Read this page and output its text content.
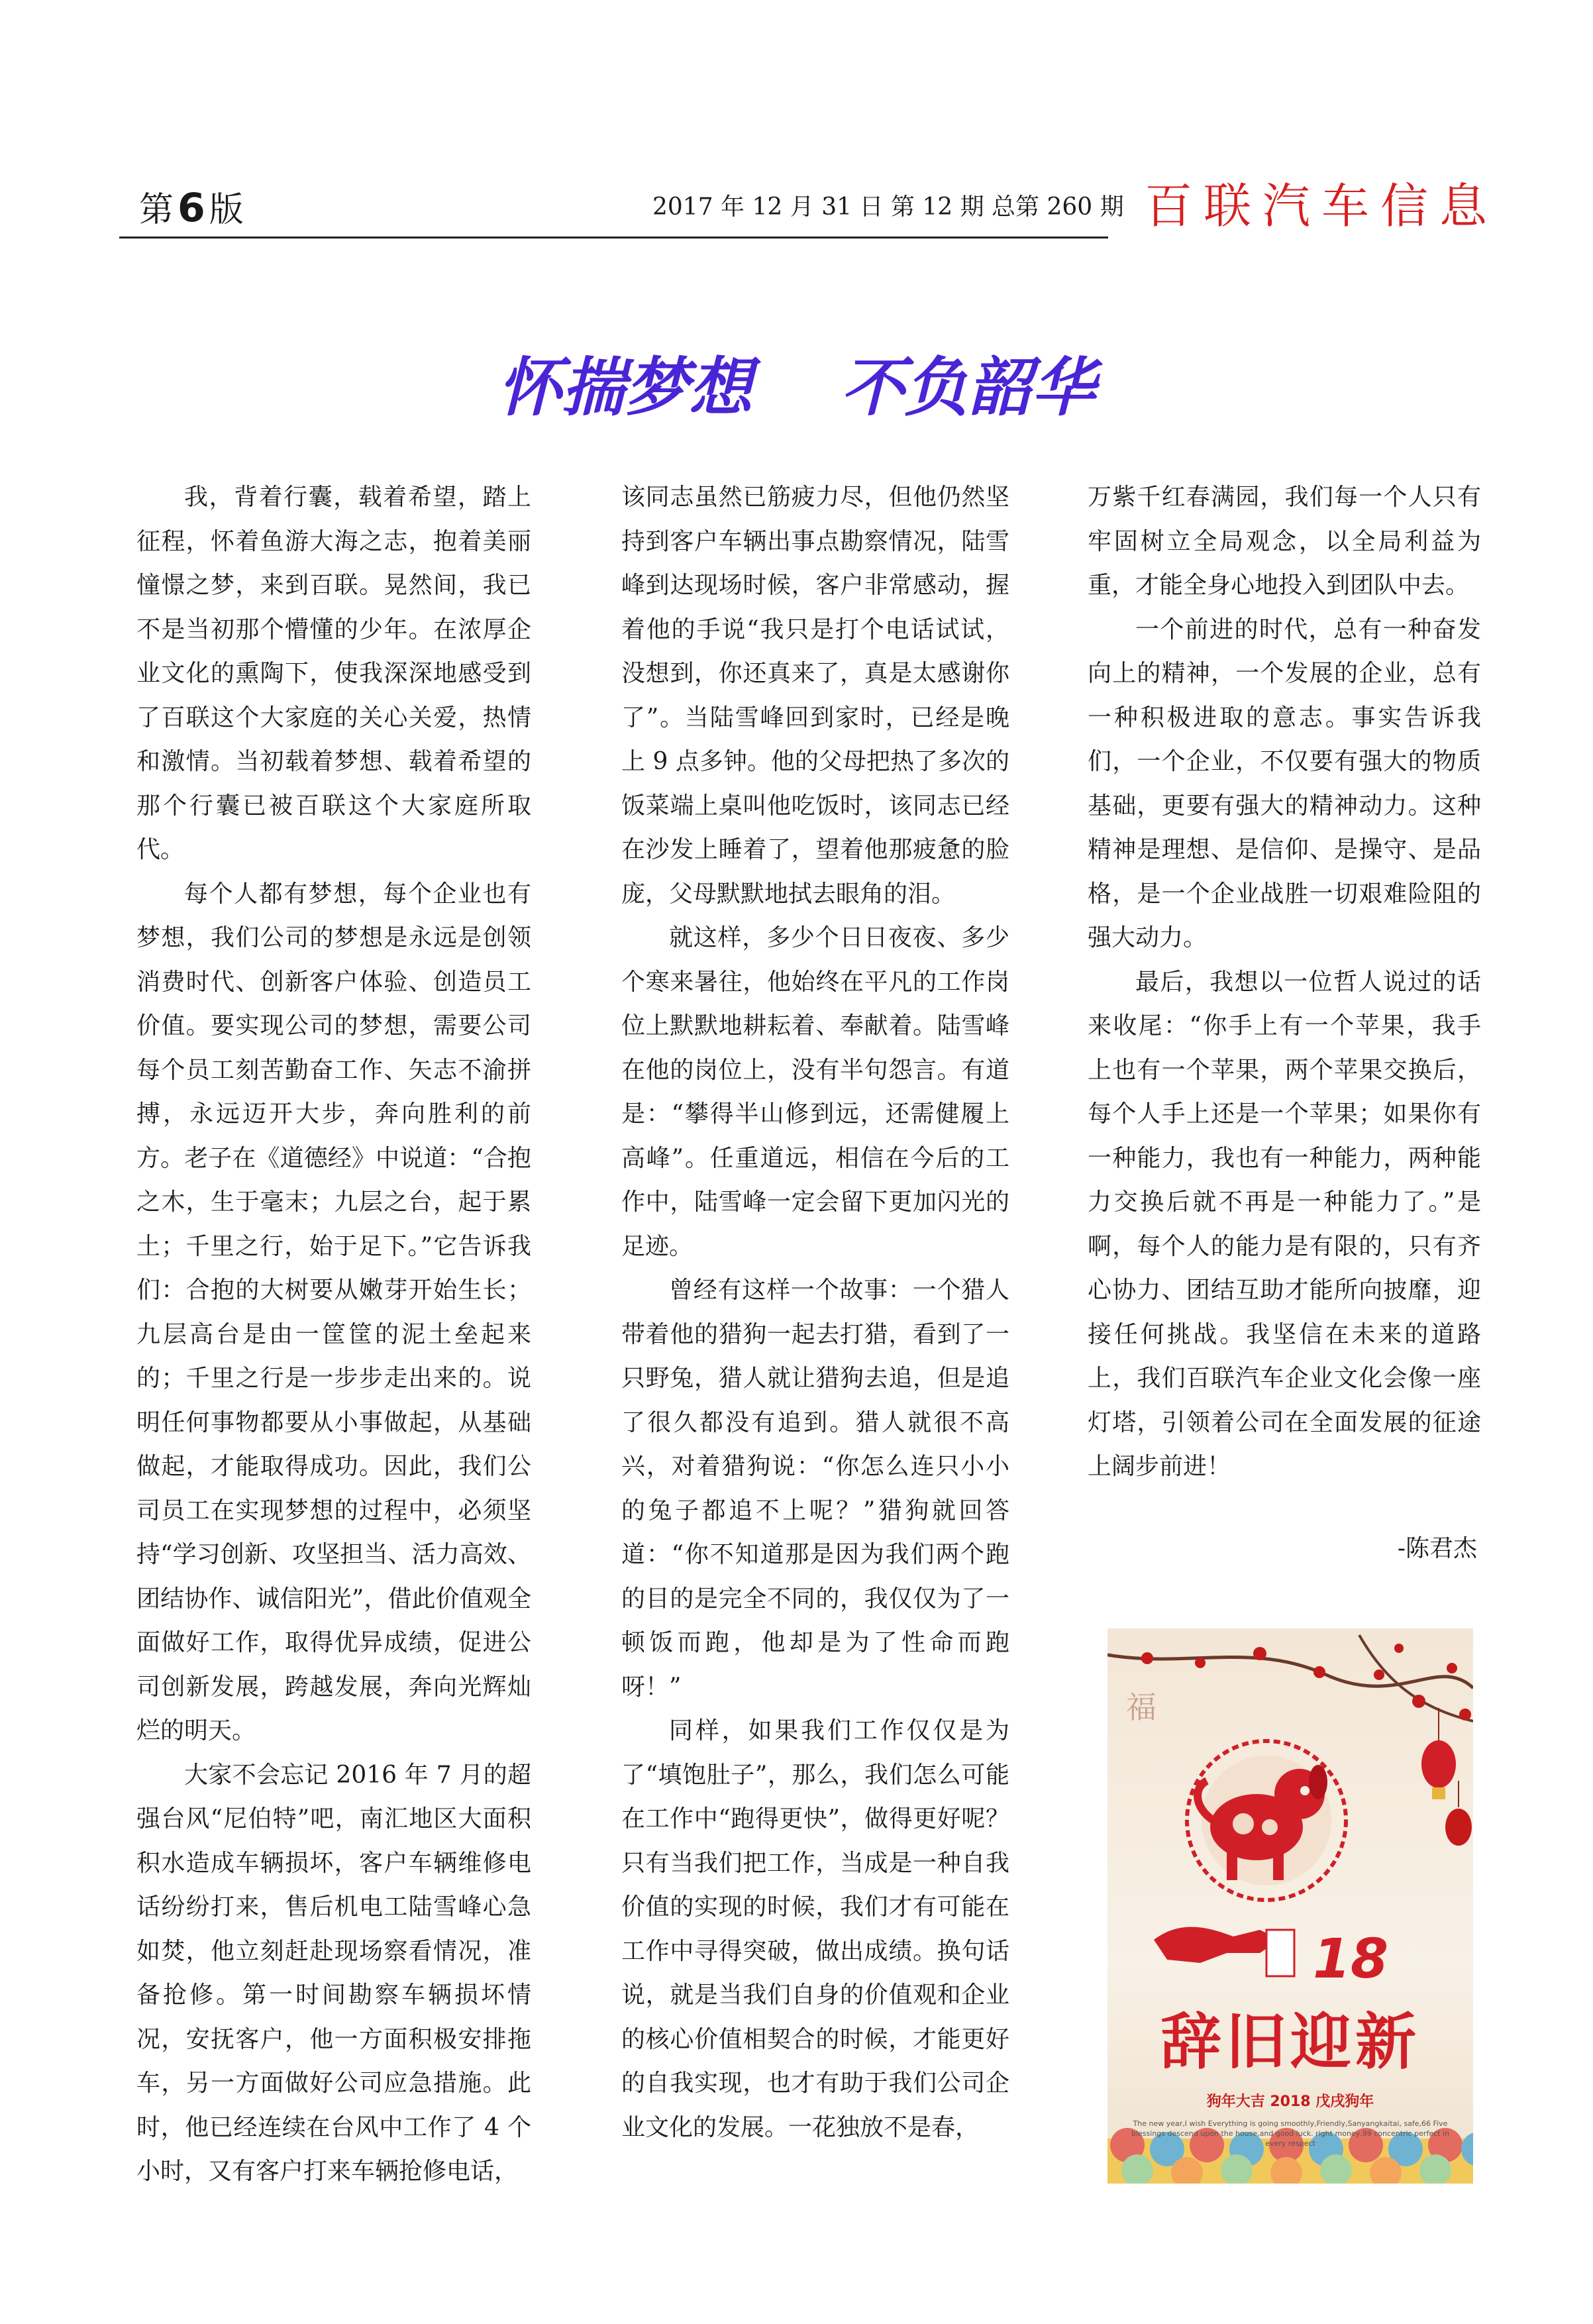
第 6 版	2017 年 12 月 31 日 第 12 期 总第 260 期 百联汽车信息
怀揣梦想    不负韶华

我，背着行囊，载着希望，踏上征程，怀着鱼游大海之志，抱着美丽憧憬之梦，来到百联。晃然间，我已不是当初那个懵懂的少年。在浓厚企业文化的熏陶下，使我深深地感受到了百联这个大家庭的关心关爱，热情和激情。当初载着梦想、载着希望的那个行囊已被百联这个大家庭所取代。

每个人都有梦想，每个企业也有梦想，我们公司的梦想是永远是创领消费时代、创新客户体验、创造员工价值。要实现公司的梦想，需要公司每个员工刻苦勤奋工作、矢志不渝拼搏，永远迈开大步，奔向胜利的前方。老子在《道德经》中说道：“合抱之木，生于毫末；九层之台，起于累土；千里之行，始于足下。”它告诉我们：合抱的大树要从嫩芽开始生长；九层高台是由一筐筐的泥土垒起来的；千里之行是一步步走出来的。说明任何事物都要从小事做起，从基础做起，才能取得成功。因此，我们公司员工在实现梦想的过程中，必须坚持“学习创新、攻坚担当、活力高效、团结协作、诚信阳光”，借此价值观全面做好工作，取得优异成绩，促进公司创新发展，跨越发展，奔向光辉灿烂的明天。

大家不会忘记 2016 年 7 月的超强台风“尼伯特”吧，南汇地区大面积积水造成车辆损坏，客户车辆维修电话纷纷打来，售后机电工陆雪峰心急如焚，他立刻赶赴现场察看情况，准备抢修。第一时间勘察车辆损坏情况，安抚客户，他一方面积极安排拖车，另一方面做好公司应急措施。此时，他已经连续在台风中工作了 4 个小时，又有客户打来车辆抢修电话，

该同志虽然已筋疲力尽，但他仍然坚持到客户车辆出事点勘察情况，陆雪峰到达现场时候，客户非常感动，握着他的手说“我只是打个电话试试，没想到，你还真来了，真是太感谢你了”。当陆雪峰回到家时，已经是晚上 9 点多钟。他的父母把热了多次的饭菜端上桌叫他吃饭时，该同志已经在沙发上睡着了，望着他那疲惫的脸庞，父母默默地拭去眼角的泪。

就这样，多少个日日夜夜、多少个寒来暑往，他始终在平凡的工作岗位上默默地耕耘着、奉献着。陆雪峰在他的岗位上，没有半句怨言。有道是：“攀得半山修到远，还需健履上高峰”。任重道远，相信在今后的工作中，陆雪峰一定会留下更加闪光的足迹。

曾经有这样一个故事：一个猎人带着他的猎狗一起去打猎，看到了一只野兔，猎人就让猎狗去追，但是追了很久都没有追到。猎人就很不高兴，对着猎狗说：“你怎么连只小小的兔子都追不上呢？”猎狗就回答道：“你不知道那是因为我们两个跑的目的是完全不同的，我仅仅为了一顿饭而跑，他却是为了性命而跑呀！”

同样，如果我们工作仅仅是为了“填饱肚子”，那么，我们怎么可能在工作中“跑得更快”，做得更好呢？只有当我们把工作，当成是一种自我价值的实现的时候，我们才有可能在工作中寻得突破，做出成绩。换句话说，就是当我们自身的价值观和企业的核心价值相契合的时候，才能更好的自我实现，也才有助于我们公司企业文化的发展。一花独放不是春，

万紫千红春满园，我们每一个人只有牢固树立全局观念，以全局利益为重，才能全身心地投入到团队中去。

一个前进的时代，总有一种奋发向上的精神，一个发展的企业，总有一种积极进取的意志。事实告诉我们，一个企业，不仅要有强大的物质基础，更要有强大的精神动力。这种精神是理想、是信仰、是操守、是品格，是一个企业战胜一切艰难险阻的强大动力。

最后，我想以一位哲人说过的话来收尾：“你手上有一个苹果，我手上也有一个苹果，两个苹果交换后，每个人手上还是一个苹果；如果你有一种能力，我也有一种能力，两种能力交换后就不再是一种能力了。”是啊，每个人的能力是有限的，只有齐心协力、团结互助才能所向披靡，迎接任何挑战。我坚信在未来的道路上，我们百联汽车企业文化会像一座灯塔，引领着公司在全面发展的征途上阔步前进！

-陈君杰
福
18
辞旧迎新
狗年大吉 2018 戊戌狗年
The new year,I wish Everything is going smoothly,Friendly,Sanyangkaitai, safe,66 Five blessings descend upon the house,and good luck. right money,99 concentric perfect in every respect
